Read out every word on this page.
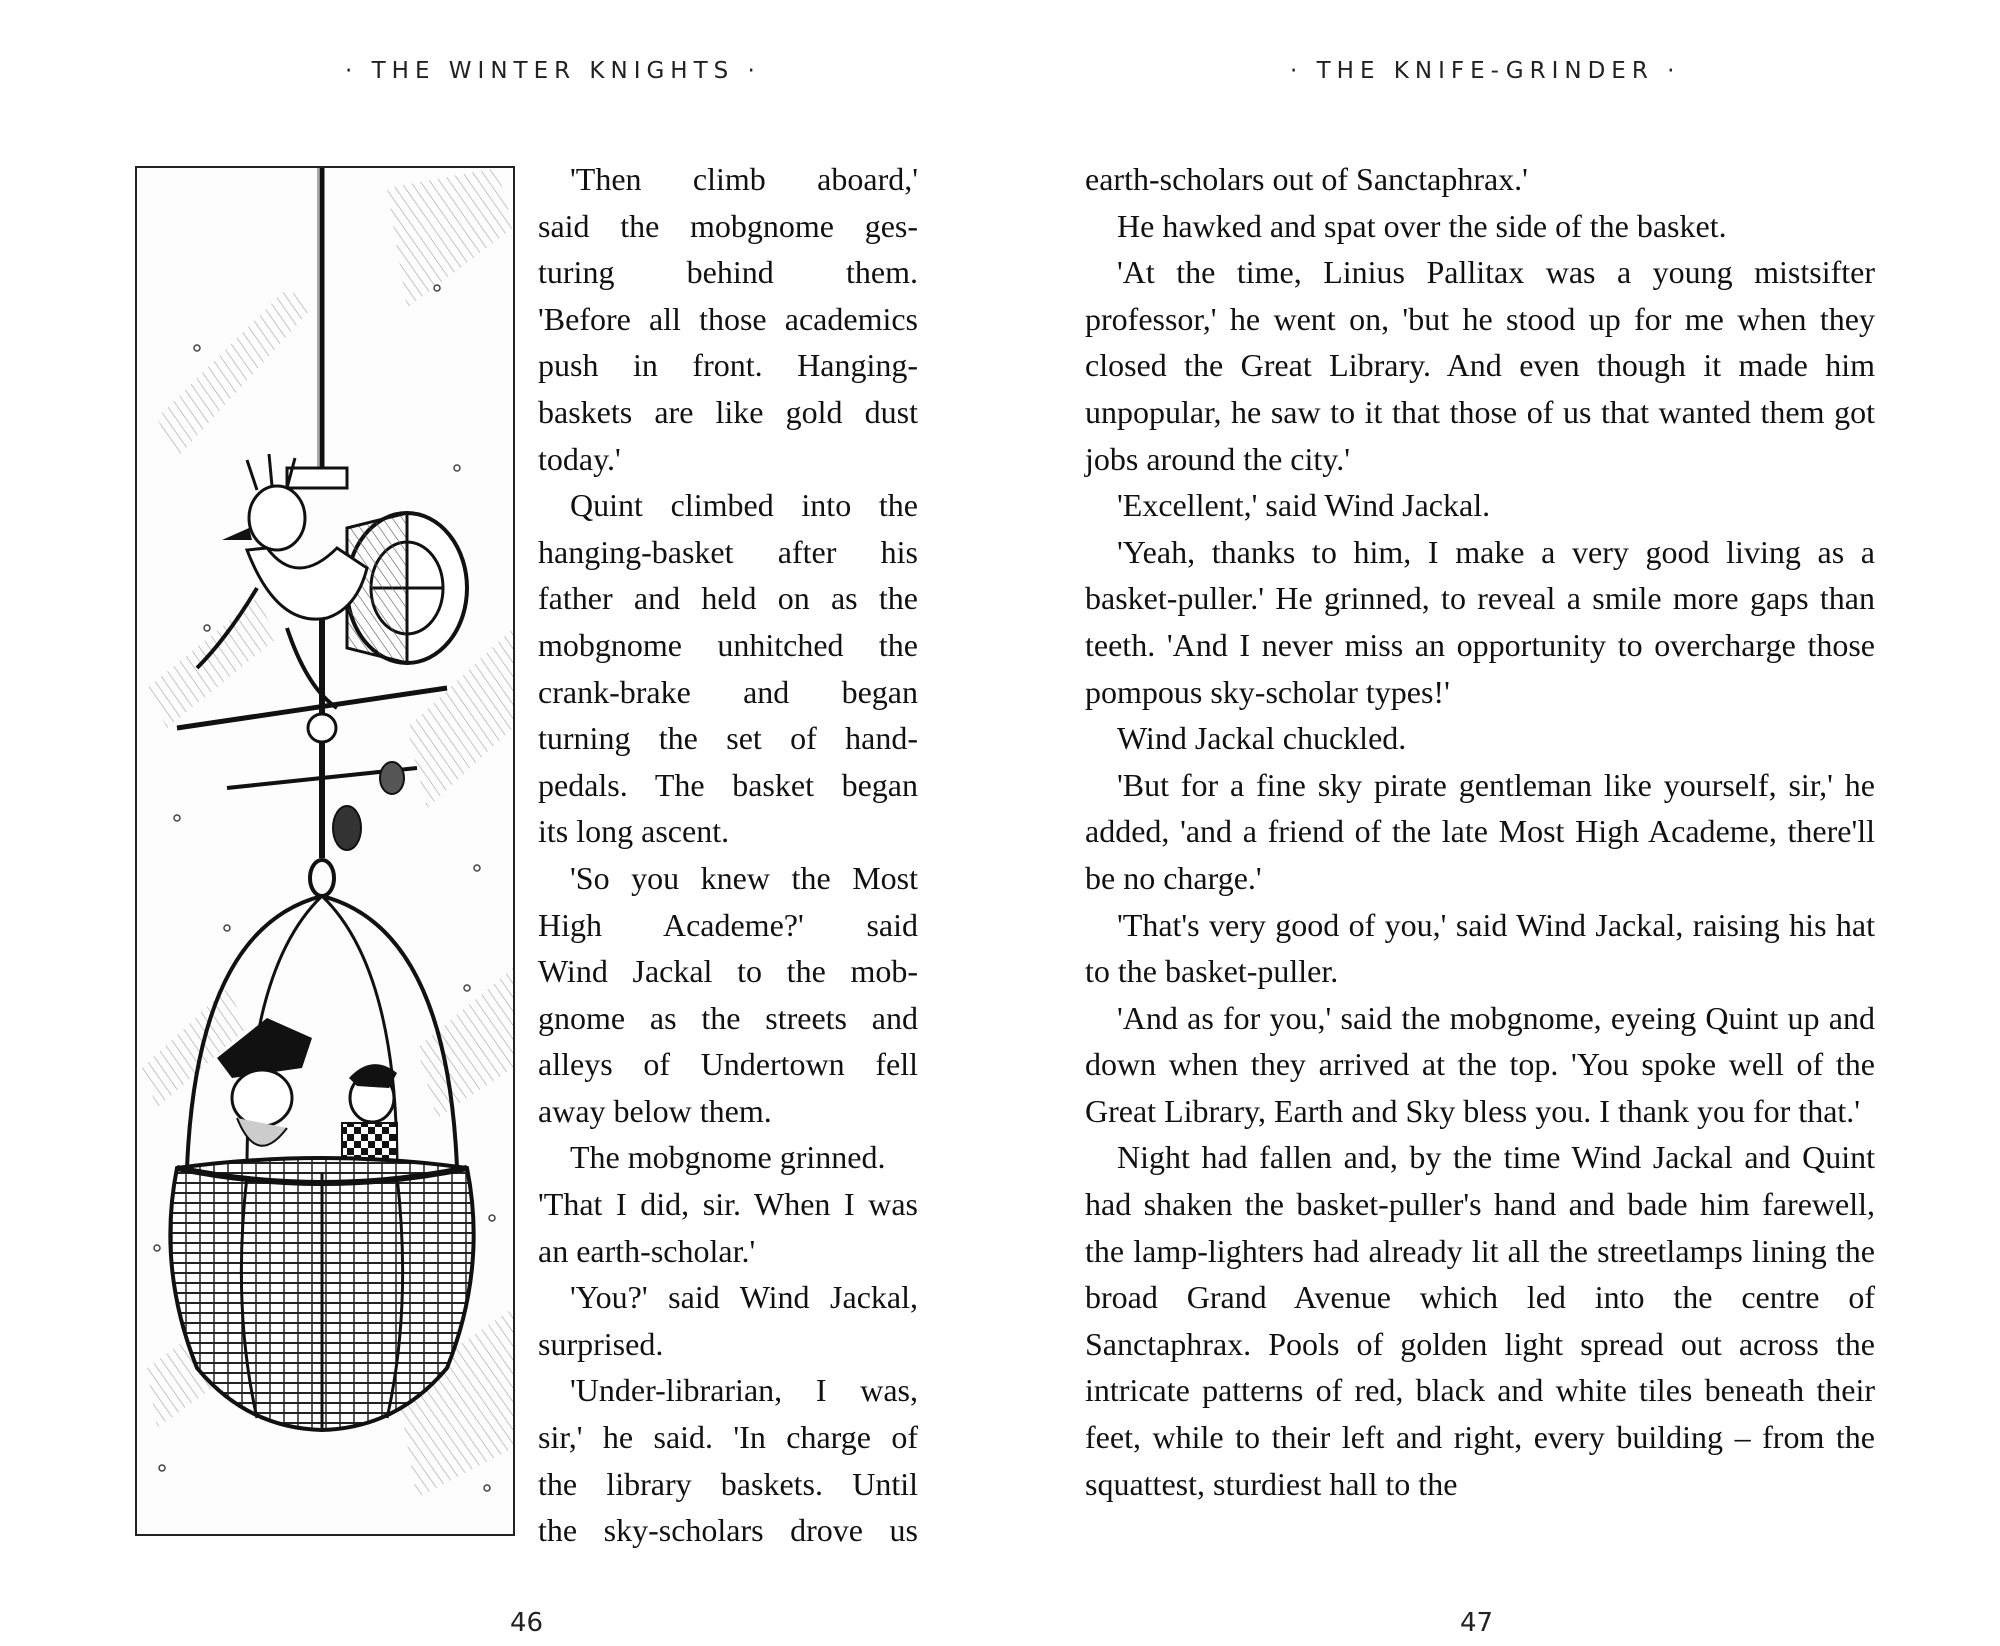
· THE WINTER KNIGHTS ·	· THE KNIFE-GRINDER ·

'Then climb aboard,'

said the mobgnome ges-

turing behind them.

'Before all those academics

push in front. Hanging-

baskets are like gold dust

today.'

Quint climbed into the

hanging-basket after his

father and held on as the

mobgnome unhitched the

crank-brake and began

turning the set of hand-

pedals. The basket began

its long ascent.

'So you knew the Most

High Academe?' said

Wind Jackal to the mob-

gnome as the streets and

alleys of Undertown fell

away below them.

The mobgnome grinned.

'That I did, sir. When I was

an earth-scholar.'

'You?' said Wind Jackal,

surprised.

'Under-librarian, I was,

sir,' he said. 'In charge of

the library baskets. Until

the sky-scholars drove us

earth-scholars out of Sanctaphrax.'

He hawked and spat over the side of the basket.

'At the time, Linius Pallitax was a young mistsifter professor,' he went on, 'but he stood up for me when they closed the Great Library. And even though it made him unpopular, he saw to it that those of us that wanted them got jobs around the city.'

'Excellent,' said Wind Jackal.

'Yeah, thanks to him, I make a very good living as a basket-puller.' He grinned, to reveal a smile more gaps than teeth. 'And I never miss an opportunity to overcharge those pompous sky-scholar types!'

Wind Jackal chuckled.

'But for a fine sky pirate gentleman like yourself, sir,' he added, 'and a friend of the late Most High Academe, there'll be no charge.'

'That's very good of you,' said Wind Jackal, raising his hat to the basket-puller.

'And as for you,' said the mobgnome, eyeing Quint up and down when they arrived at the top. 'You spoke well of the Great Library, Earth and Sky bless you. I thank you for that.'

Night had fallen and, by the time Wind Jackal and Quint had shaken the basket-puller's hand and bade him farewell, the lamp-lighters had already lit all the streetlamps lining the broad Grand Avenue which led into the centre of Sanctaphrax. Pools of golden light spread out across the intricate patterns of red, black and white tiles beneath their feet, while to their left and right, every building – from the squattest, sturdiest hall to the

46	47
